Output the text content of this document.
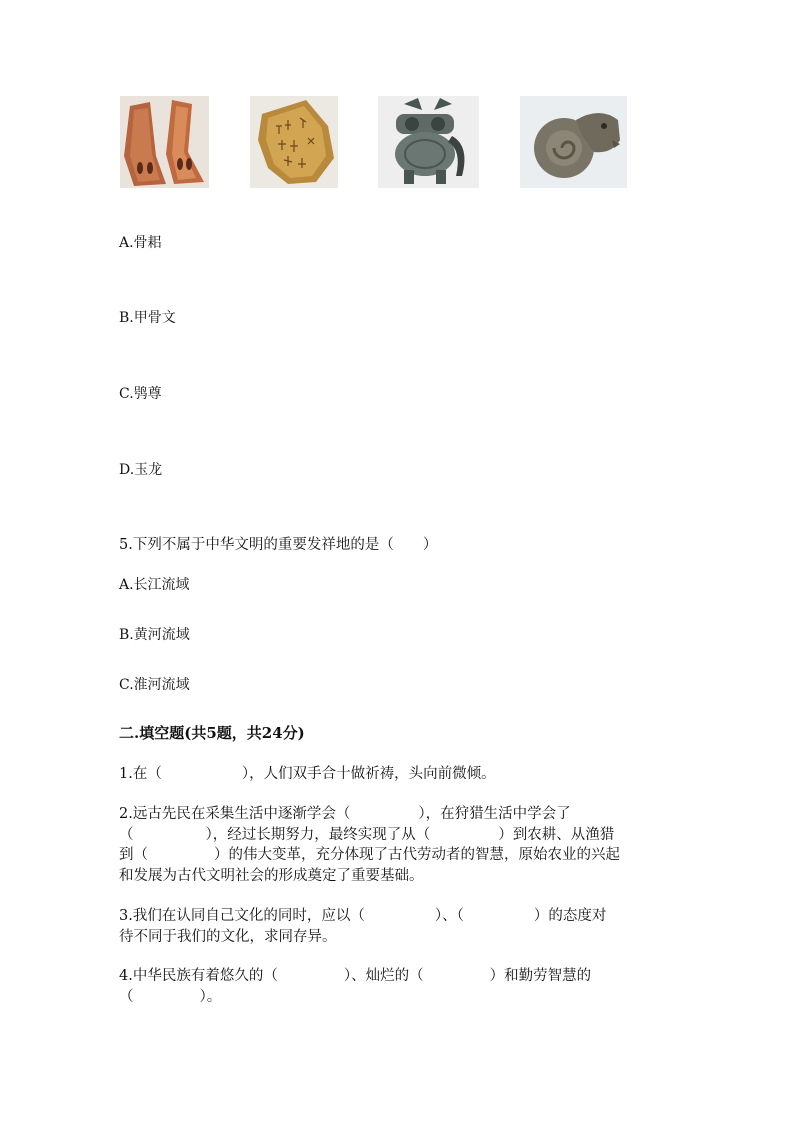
A.骨耜
B.甲骨文
C.鸮尊
D.玉龙
5.下列不属于中华文明的重要发祥地的是（　　）
A.长江流域
B.黄河流域
C.淮河流域
二.填空题(共5题，共24分)
1.在（	），人们双手合十做祈祷，头向前微倾。
2.远古先民在采集生活中逐渐学会（	），在狩猎生活中学会了
（	），经过长期努力，最终实现了从（	）到农耕、从渔猎
到（	）的伟大变革，充分体现了古代劳动者的智慧，原始农业的兴起
和发展为古代文明社会的形成奠定了重要基础。
3.我们在认同自己文化的同时，应以（	）、（	）的态度对
待不同于我们的文化，求同存异。
4.中华民族有着悠久的（	）、灿烂的（	）和勤劳智慧的
（	）。
